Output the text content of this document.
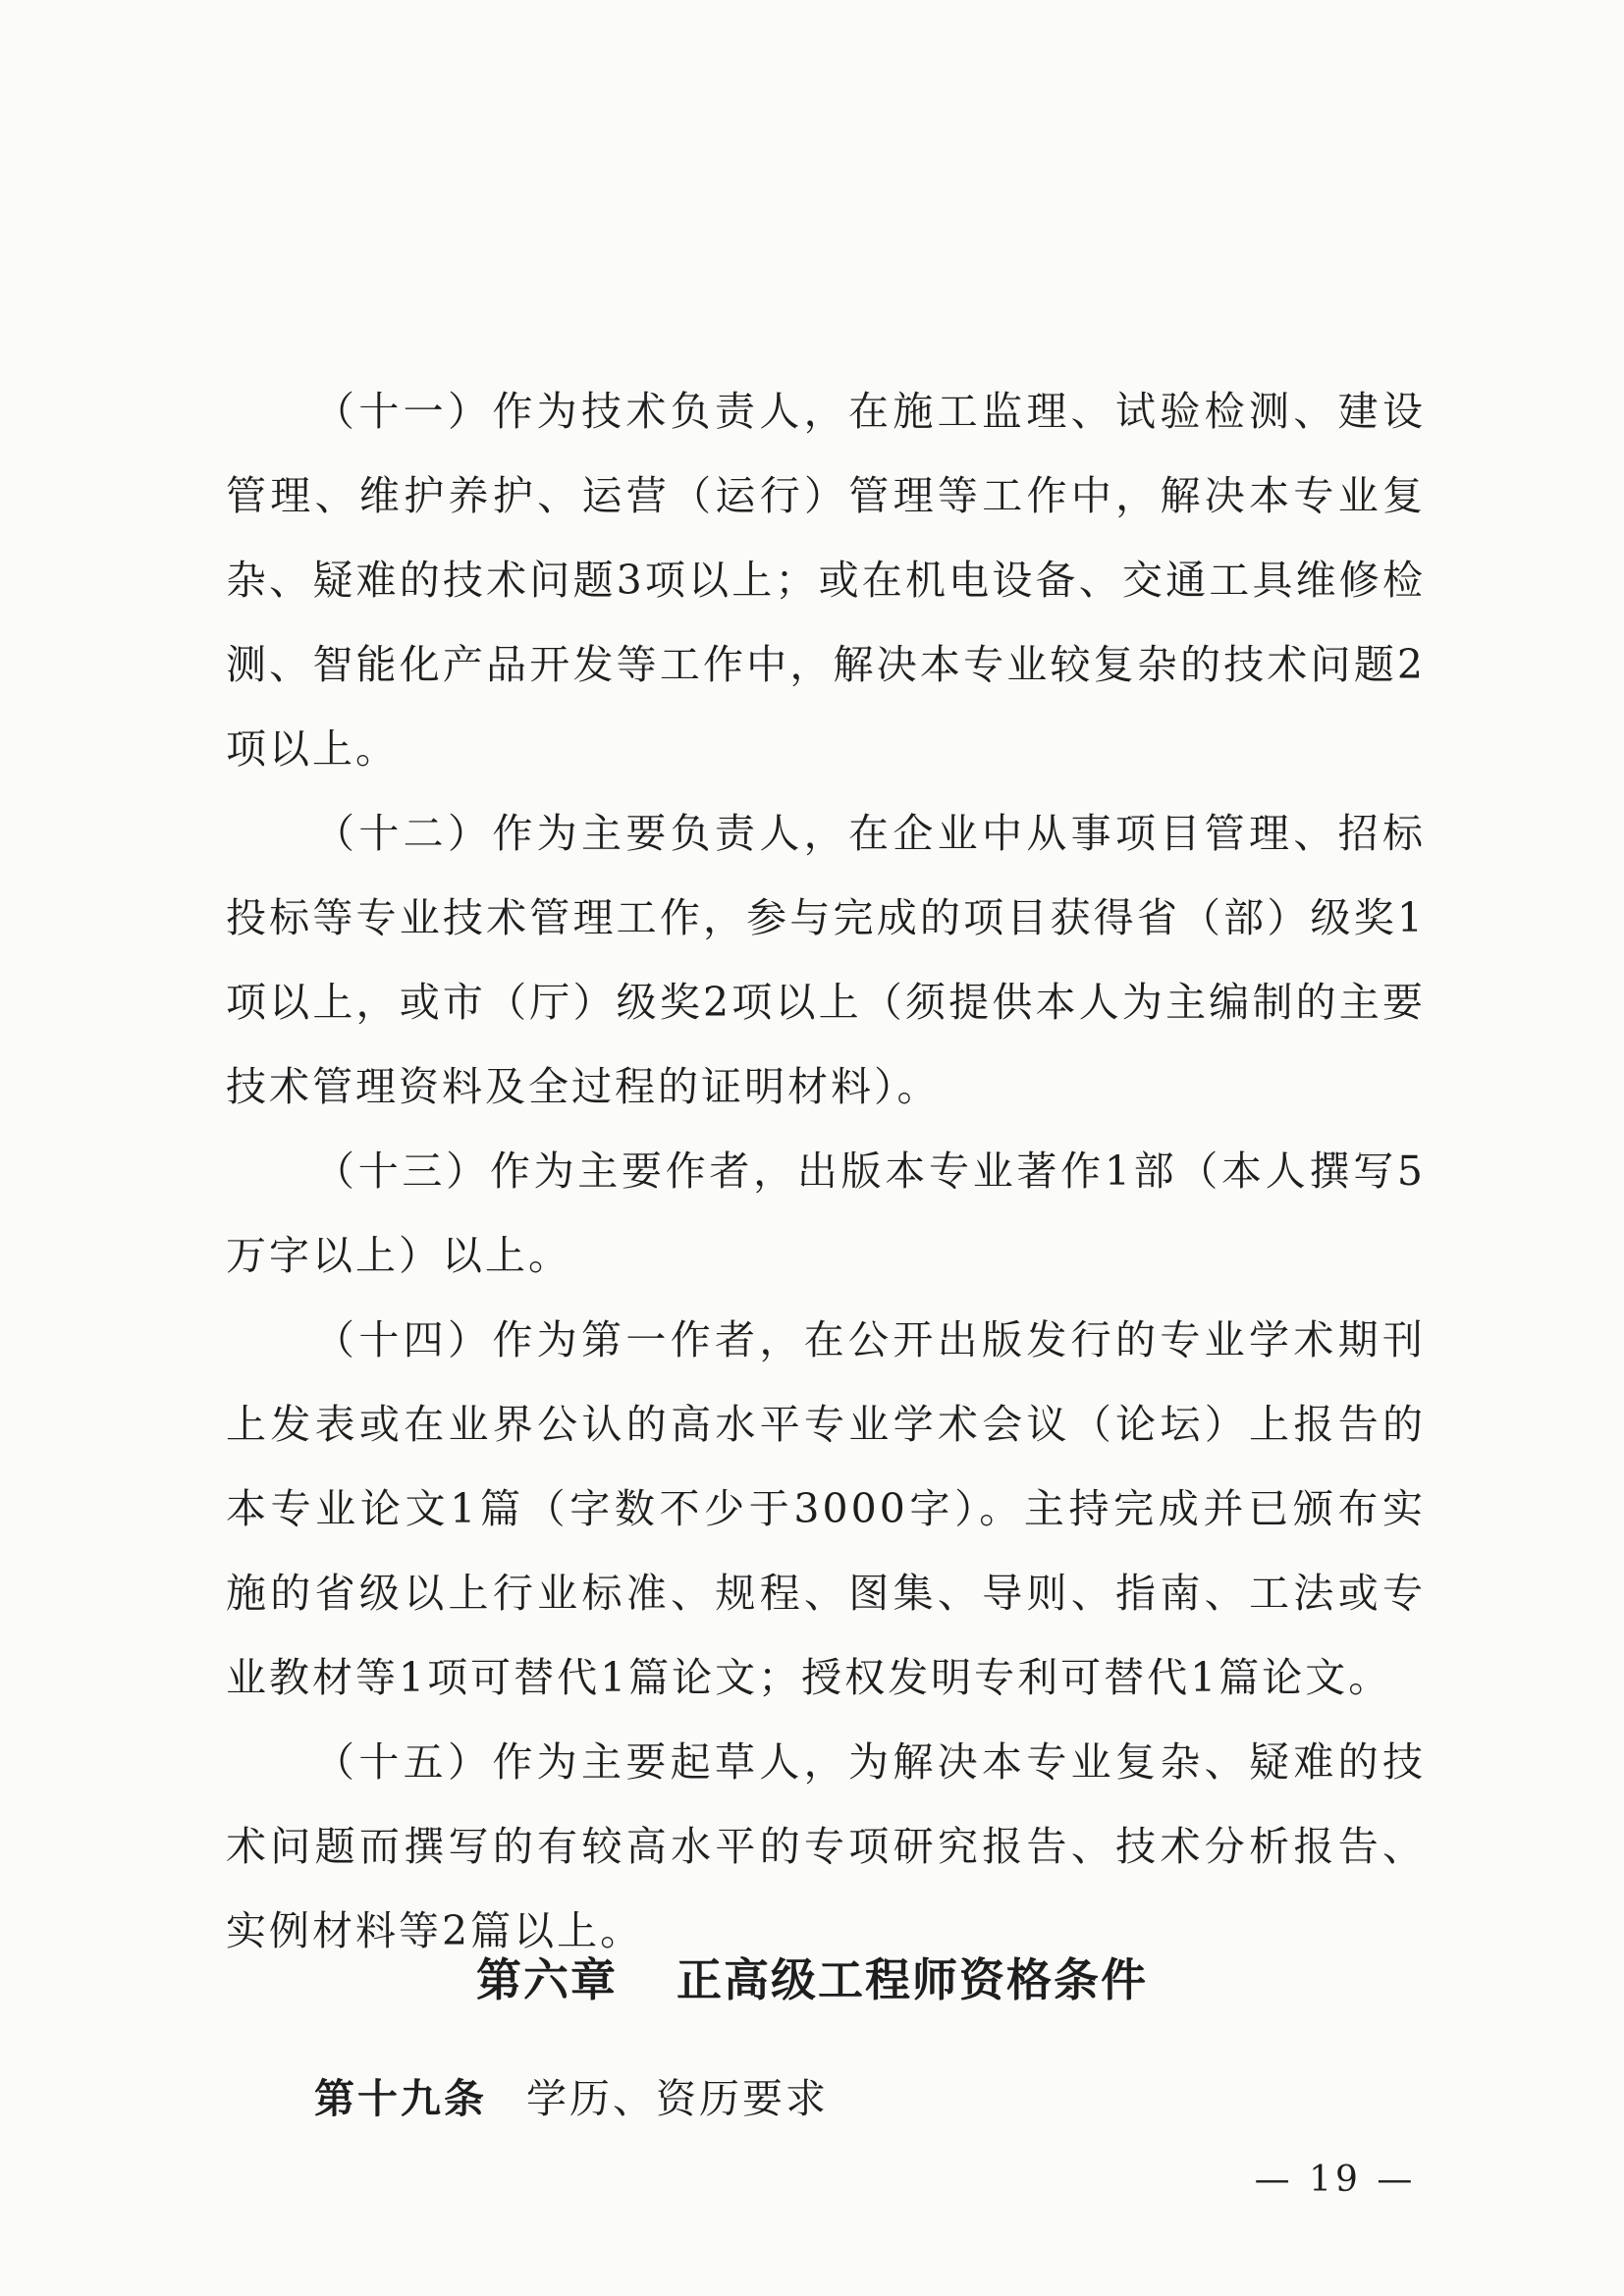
（十一）作为技术负责人，在施工监理、试验检测、建设管理、维护养护、运营（运行）管理等工作中，解决本专业复杂、疑难的技术问题3项以上；或在机电设备、交通工具维修检测、智能化产品开发等工作中，解决本专业较复杂的技术问题2项以上。

（十二）作为主要负责人，在企业中从事项目管理、招标投标等专业技术管理工作，参与完成的项目获得省（部）级奖1项以上，或市（厅）级奖2项以上（须提供本人为主编制的主要技术管理资料及全过程的证明材料）。

（十三）作为主要作者，出版本专业著作1部（本人撰写5万字以上）以上。

（十四）作为第一作者，在公开出版发行的专业学术期刊上发表或在业界公认的高水平专业学术会议（论坛）上报告的本专业论文1篇（字数不少于3000字）。主持完成并已颁布实施的省级以上行业标准、规程、图集、导则、指南、工法或专业教材等1项可替代1篇论文；授权发明专利可替代1篇论文。

（十五）作为主要起草人，为解决本专业复杂、疑难的技术问题而撰写的有较高水平的专项研究报告、技术分析报告、实例材料等2篇以上。

第六章 正高级工程师资格条件

第十九条 学历、资历要求

— 19 —
